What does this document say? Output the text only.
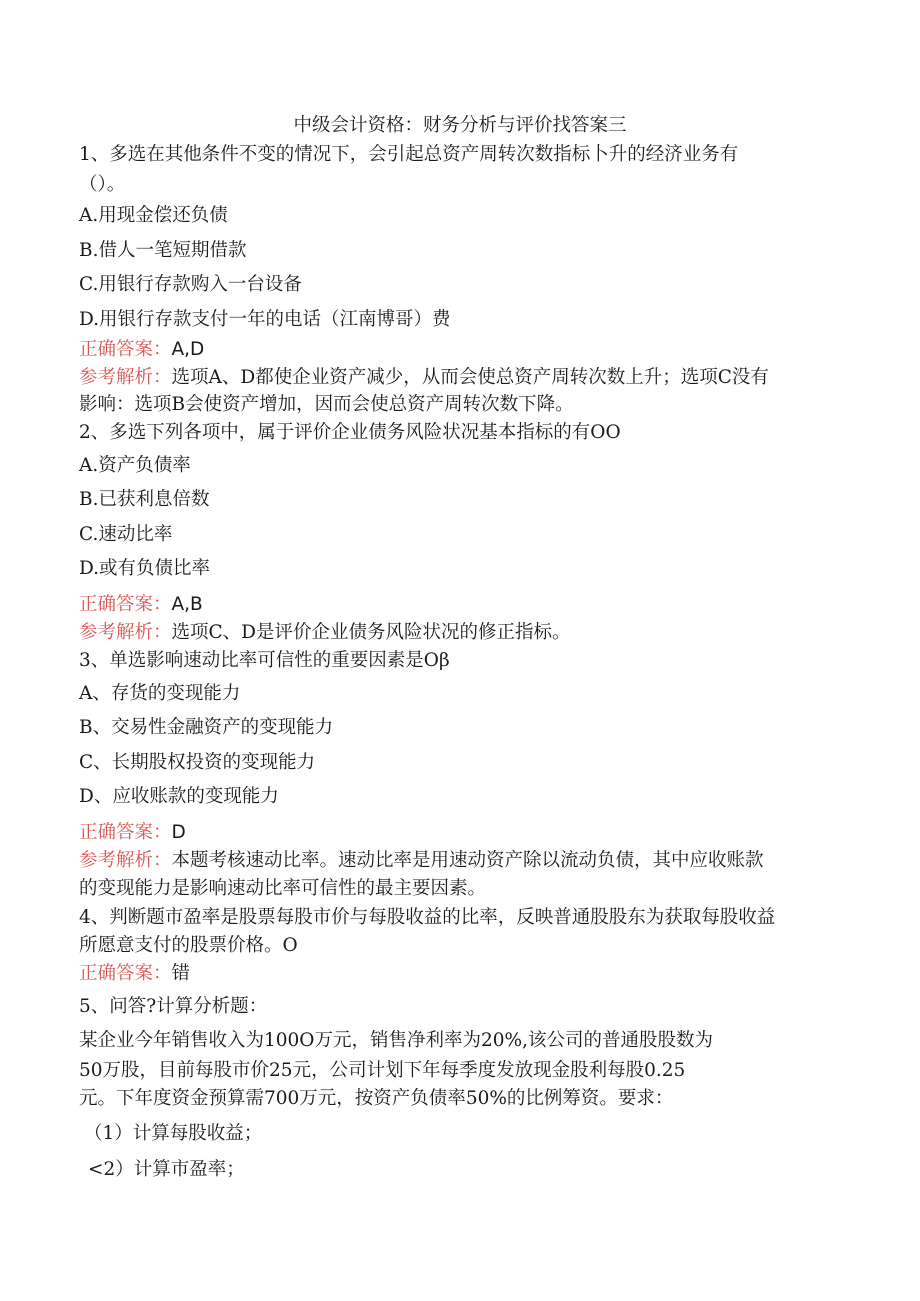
中级会计资格：财务分析与评价找答案三

1、多选在其他条件不变的情况下，会引起总资产周转次数指标卜升的经济业务有

（）。

A.用现金偿还负债

B.借人一笔短期借款

C.用银行存款购入一台设备

D.用银行存款支付一年的电话（江南博哥）费

正确答案：A,D

参考解析：选项A、D都使企业资产减少，从而会使总资产周转次数上升；选项C没有

影响：选项B会使资产增加，因而会使总资产周转次数下降。

2、多选下列各项中，属于评价企业债务风险状况基本指标的有OO

A.资产负债率

B.已获利息倍数

C.速动比率

D.或有负债比率

正确答案：A,B

参考解析：选项C、D是评价企业债务风险状况的修正指标。

3、单选影响速动比率可信性的重要因素是Oβ

A、存货的变现能力

B、交易性金融资产的变现能力

C、长期股权投资的变现能力

D、应收账款的变现能力

正确答案：D

参考解析：本题考核速动比率。速动比率是用速动资产除以流动负债，其中应收账款

的变现能力是影响速动比率可信性的最主要因素。

4、判断题市盈率是股票每股市价与每股收益的比率，反映普通股股东为获取每股收益

所愿意支付的股票价格。O

正确答案：错

5、问答?计算分析题：

某企业今年销售收入为100O万元，销售净利率为20%,该公司的普通股股数为

50万股，目前每股市价25元，公司计划下年每季度发放现金股利每股0.25

元。下年度资金预算需700万元，按资产负债率50%的比例筹资。要求：

（1）计算每股收益；

<2）计算市盈率；
